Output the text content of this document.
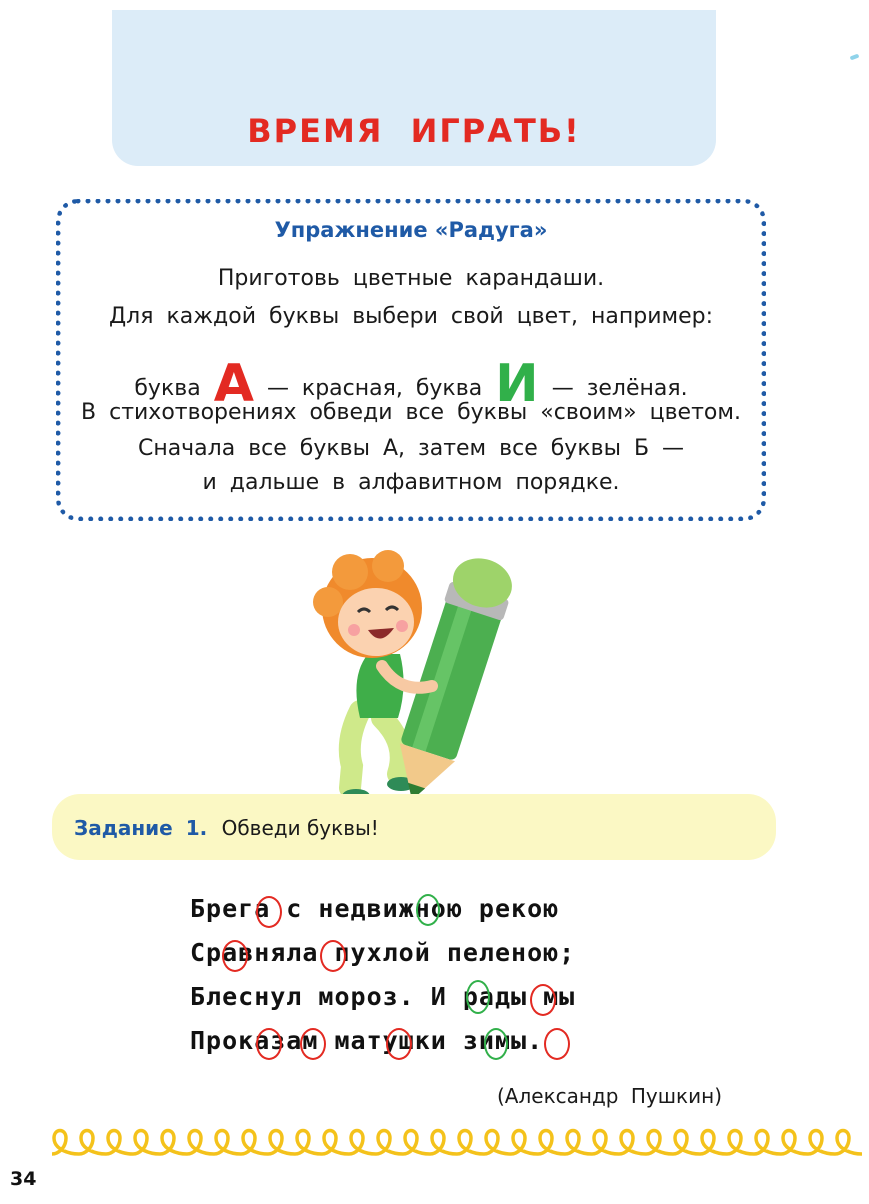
ВРЕМЯ ИГРАТЬ!
Упражнение «Радуга»
Приготовь цветные карандаши.
Для каждой буквы выбери свой цвет, например:
буква А — красная, буква И — зелёная.
В стихотворениях обведи все буквы «своим» цветом.
Сначала все буквы А, затем все буквы Б —
и дальше в алфавитном порядке.
Задание 1. Обведи буквы!
Брега с недвижною рекою
Сравняла пухлой пеленою;
Блеснул мороз. И рады мы
Проказам матушки зимы.
(Александр Пушкин)
34
